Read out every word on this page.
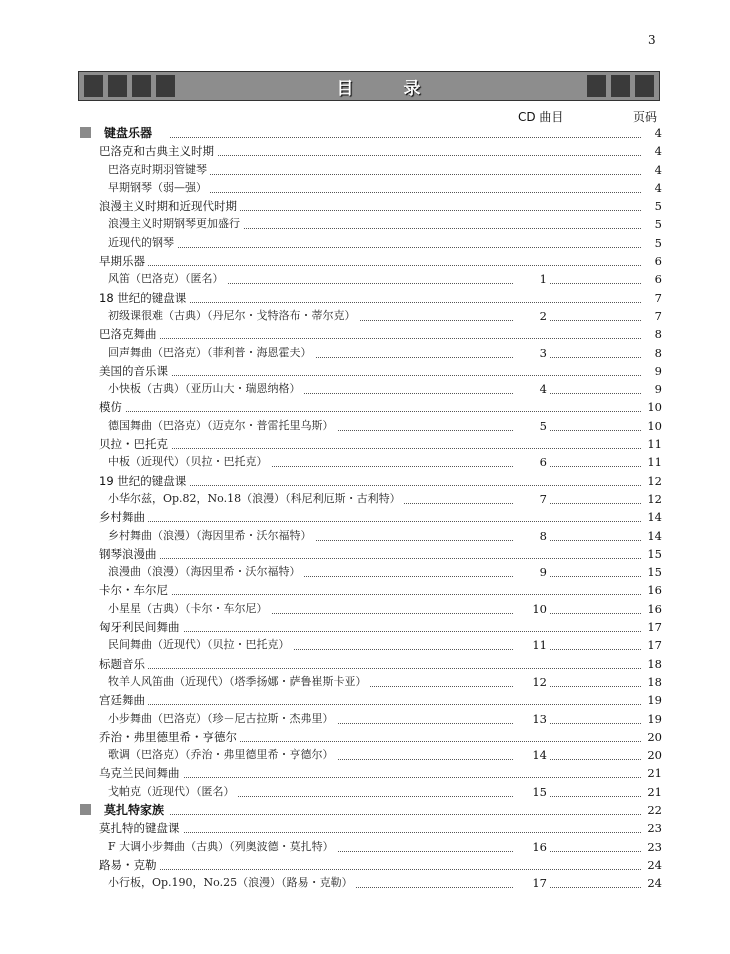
3
目 录
CD 曲目	页码
键盘乐器	4
巴洛克和古典主义时期	4
巴洛克时期羽管键琴	4
早期钢琴（弱—强）	4
浪漫主义时期和近现代时期	5
浪漫主义时期钢琴更加盛行	5
近现代的钢琴	5
早期乐器	6
风笛（巴洛克）（匿名）	1	6
18 世纪的键盘课	7
初级课很难（古典）（丹尼尔・戈特洛布・蒂尔克）	2	7
巴洛克舞曲	8
回声舞曲（巴洛克）（菲利普・海恩霍夫）	3	8
美国的音乐课	9
小快板（古典）（亚历山大・瑞恩纳格）	4	9
模仿	10
德国舞曲（巴洛克）（迈克尔・普雷托里乌斯）	5	10
贝拉・巴托克	11
中板（近现代）（贝拉・巴托克）	6	11
19 世纪的键盘课	12
小华尔兹，Op.82，No.18（浪漫）（科尼利厄斯・古利特）	7	12
乡村舞曲	14
乡村舞曲（浪漫）（海因里希・沃尔福特）	8	14
钢琴浪漫曲	15
浪漫曲（浪漫）（海因里希・沃尔福特）	9	15
卡尔・车尔尼	16
小星星（古典）（卡尔・车尔尼）	10	16
匈牙利民间舞曲	17
民间舞曲（近现代）（贝拉・巴托克）	11	17
标题音乐	18
牧羊人风笛曲（近现代）（塔季扬娜・萨鲁崔斯卡亚）	12	18
宫廷舞曲	19
小步舞曲（巴洛克）（珍－尼古拉斯・杰弗里）	13	19
乔治・弗里德里希・亨德尔	20
歌调（巴洛克）（乔治・弗里德里希・亨德尔）	14	20
乌克兰民间舞曲	21
戈帕克（近现代）（匿名）	15	21
莫扎特家族	22
莫扎特的键盘课	23
F 大调小步舞曲（古典）（列奥波德・莫扎特）	16	23
路易・克勒	24
小行板，Op.190，No.25（浪漫）（路易・克勒）	17	24
